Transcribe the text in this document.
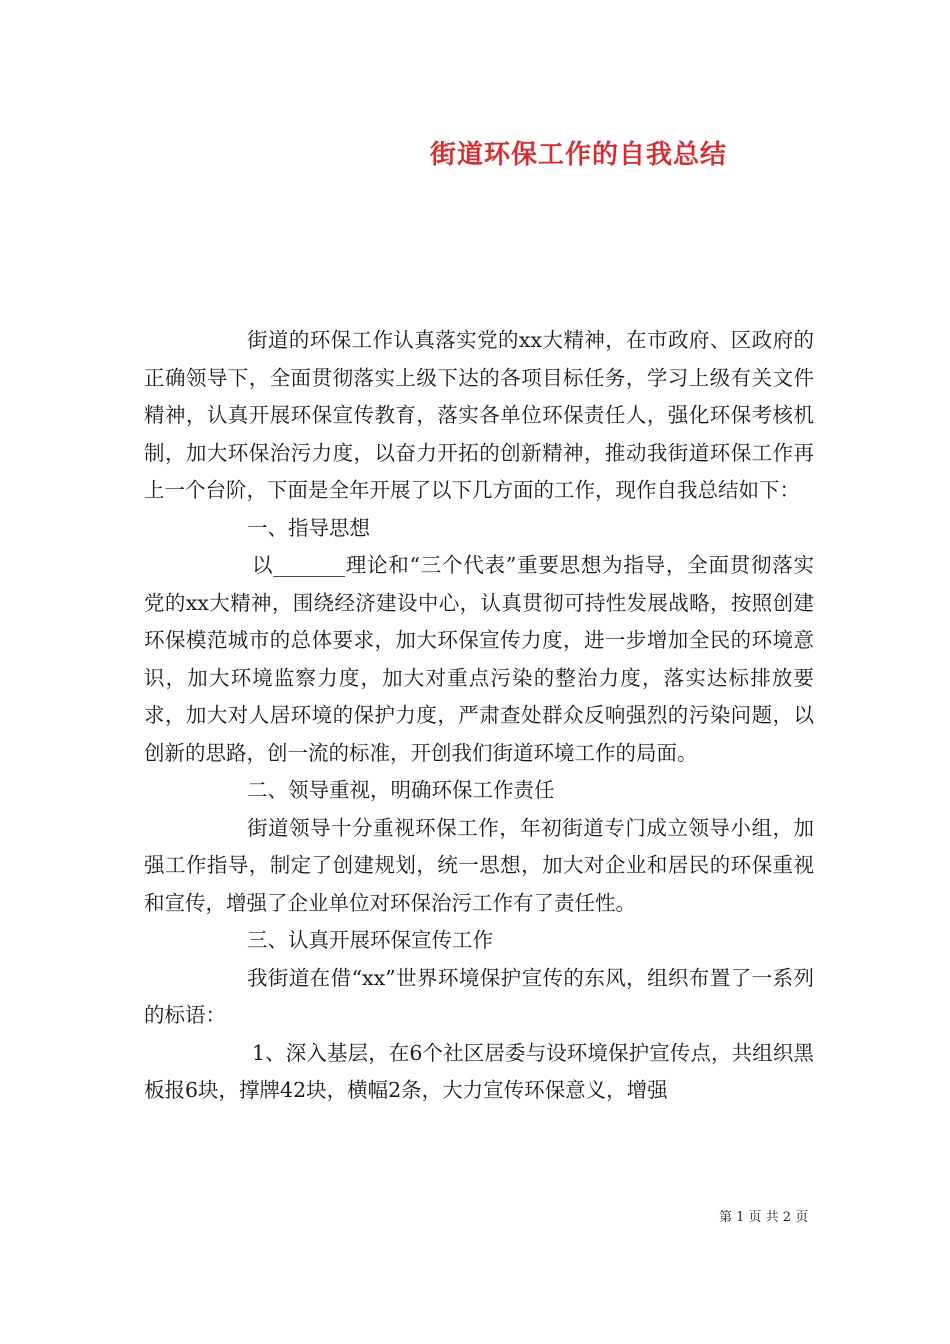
街道环保工作的自我总结

街道的环保工作认真落实党的xx大精神，在市政府、区政府的正确领导下，全面贯彻落实上级下达的各项目标任务，学习上级有关文件精神，认真开展环保宣传教育，落实各单位环保责任人，强化环保考核机制，加大环保治污力度，以奋力开拓的创新精神，推动我街道环保工作再上一个台阶，下面是全年开展了以下几方面的工作，现作自我总结如下：

一、指导思想

以_______理论和“三个代表”重要思想为指导，全面贯彻落实党的xx大精神，围绕经济建设中心，认真贯彻可持性发展战略，按照创建环保模范城市的总体要求，加大环保宣传力度，进一步增加全民的环境意识，加大环境监察力度，加大对重点污染的整治力度，落实达标排放要求，加大对人居环境的保护力度，严肃查处群众反响强烈的污染问题，以创新的思路，创一流的标准，开创我们街道环境工作的局面。

二、领导重视，明确环保工作责任

街道领导十分重视环保工作，年初街道专门成立领导小组，加强工作指导，制定了创建规划，统一思想，加大对企业和居民的环保重视和宣传，增强了企业单位对环保治污工作有了责任性。

三、认真开展环保宣传工作

我街道在借“xx”世界环境保护宣传的东风，组织布置了一系列的标语：

1、深入基层，在6个社区居委与设环境保护宣传点，共组织黑板报6块，撑牌42块，横幅2条，大力宣传环保意义，增强

第 1 页 共 2 页
